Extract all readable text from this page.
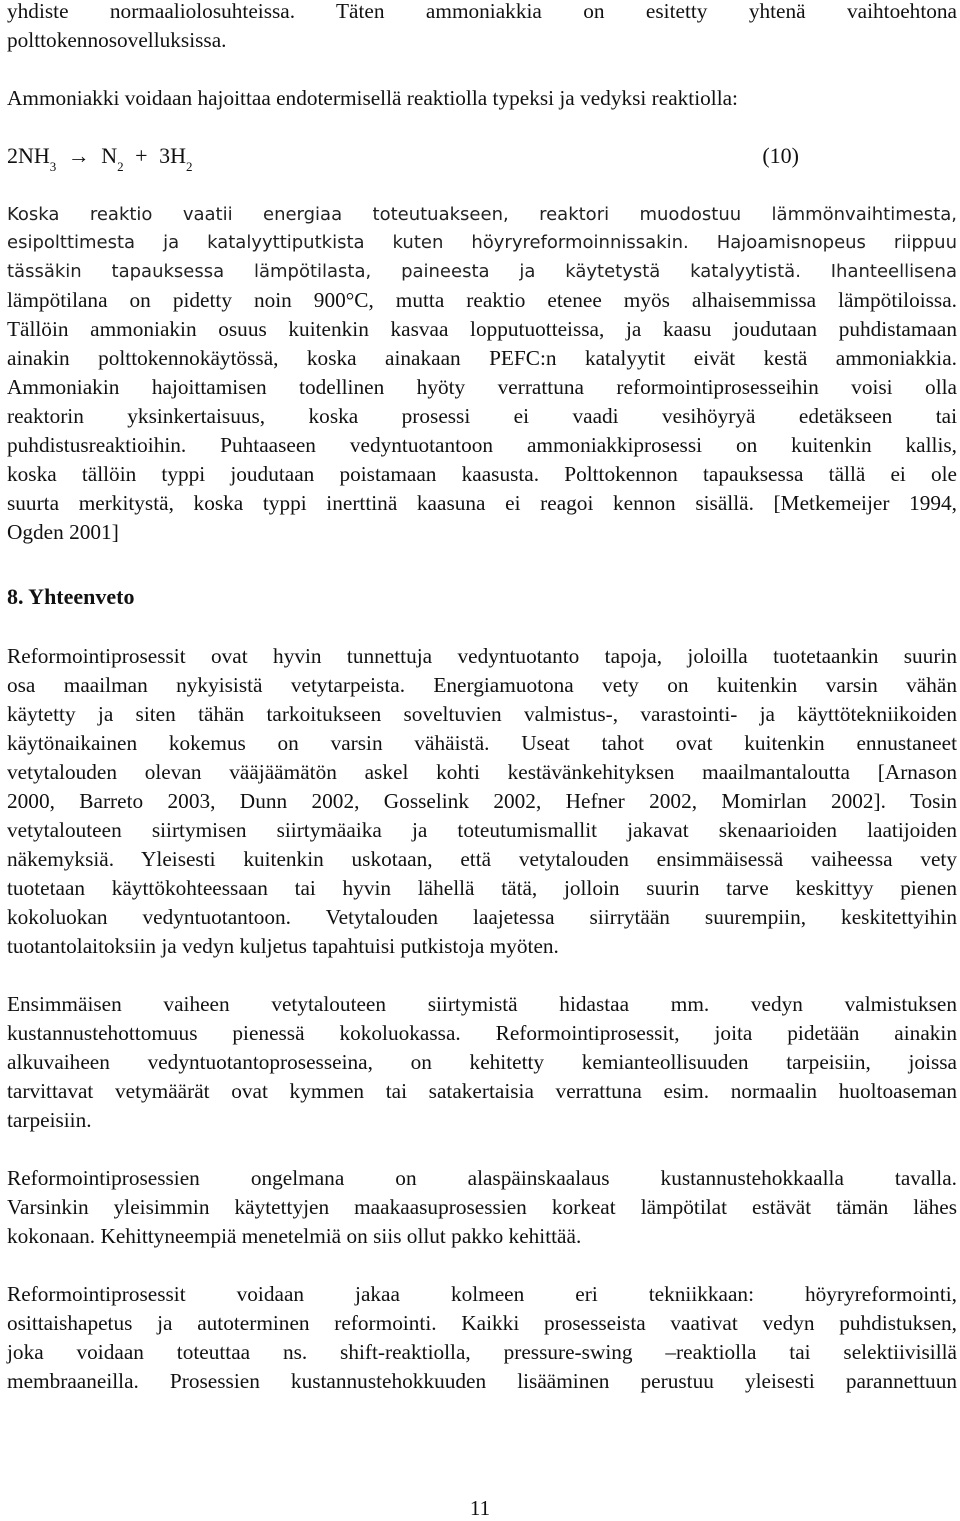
yhdiste normaaliolosuhteissa. Täten ammoniakkia on esitetty yhtenä vaihtoehtona
polttokennosovelluksissa.
Ammoniakki voidaan hajoittaa endotermisellä reaktiolla typeksi ja vedyksi reaktiolla:
$2NH_3 \to N_2 + 3H_2$	(10)
Koska reaktio vaatii energiaa toteutuakseen, reaktori muodostuu lämmönvaihtimesta,
esipolttimesta ja katalyyttiputkista kuten höyryreformoinnissakin. Hajoamisnopeus riippuu
tässäkin tapauksessa lämpötilasta, paineesta ja käytetystä katalyytistä. Ihanteellisena
lämpötilana on pidetty noin 900°C, mutta reaktio etenee myös alhaisemmissa lämpötiloissa.
Tällöin ammoniakin osuus kuitenkin kasvaa lopputuotteissa, ja kaasu joudutaan puhdistamaan
ainakin polttokennokäytössä, koska ainakaan PEFC:n katalyytit eivät kestä ammoniakkia.
Ammoniakin hajoittamisen todellinen hyöty verrattuna reformointiprosesseihin voisi olla
reaktorin yksinkertaisuus, koska prosessi ei vaadi vesihöyryä edetäkseen tai
puhdistusreaktioihin. Puhtaaseen vedyntuotantoon ammoniakkiprosessi on kuitenkin kallis,
koska tällöin typpi joudutaan poistamaan kaasusta. Polttokennon tapauksessa tällä ei ole
suurta merkitystä, koska typpi inerttinä kaasuna ei reagoi kennon sisällä. [Metkemeijer 1994,
Ogden 2001]
8. Yhteenveto
Reformointiprosessit ovat hyvin tunnettuja vedyntuotanto tapoja, joloilla tuotetaankin suurin
osa maailman nykyisistä vetytarpeista. Energiamuotona vety on kuitenkin varsin vähän
käytetty ja siten tähän tarkoitukseen soveltuvien valmistus-, varastointi- ja käyttötekniikoiden
käytönaikainen kokemus on varsin vähäistä. Useat tahot ovat kuitenkin ennustaneet
vetytalouden olevan vääjäämätön askel kohti kestävänkehityksen maailmantaloutta [Arnason
2000, Barreto 2003, Dunn 2002, Gosselink 2002, Hefner 2002, Momirlan 2002]. Tosin
vetytalouteen siirtymisen siirtymäaika ja toteutumismallit jakavat skenaarioiden laatijoiden
näkemyksiä. Yleisesti kuitenkin uskotaan, että vetytalouden ensimmäisessä vaiheessa vety
tuotetaan käyttökohteessaan tai hyvin lähellä tätä, jolloin suurin tarve keskittyy pienen
kokoluokan vedyntuotantoon. Vetytalouden laajetessa siirrytään suurempiin, keskitettyihin
tuotantolaitoksiin ja vedyn kuljetus tapahtuisi putkistoja myöten.
Ensimmäisen vaiheen vetytalouteen siirtymistä hidastaa mm. vedyn valmistuksen
kustannustehottomuus pienessä kokoluokassa. Reformointiprosessit, joita pidetään ainakin
alkuvaiheen vedyntuotantoprosesseina, on kehitetty kemianteollisuuden tarpeisiin, joissa
tarvittavat vetymäärät ovat kymmen tai satakertaisia verrattuna esim. normaalin huoltoaseman
tarpeisiin.
Reformointiprosessien ongelmana on alaspäinskaalaus kustannustehokkaalla tavalla.
Varsinkin yleisimmin käytettyjen maakaasuprosessien korkeat lämpötilat estävät tämän lähes
kokonaan. Kehittyneempiä menetelmiä on siis ollut pakko kehittää.
Reformointiprosessit voidaan jakaa kolmeen eri tekniikkaan: höyryreformointi,
osittaishapetus ja autoterminen reformointi. Kaikki prosesseista vaativat vedyn puhdistuksen,
joka voidaan toteuttaa ns. shift-reaktiolla, pressure-swing –reaktiolla tai selektiivisillä
membraaneilla. Prosessien kustannustehokkuuden lisääminen perustuu yleisesti parannettuun
11
